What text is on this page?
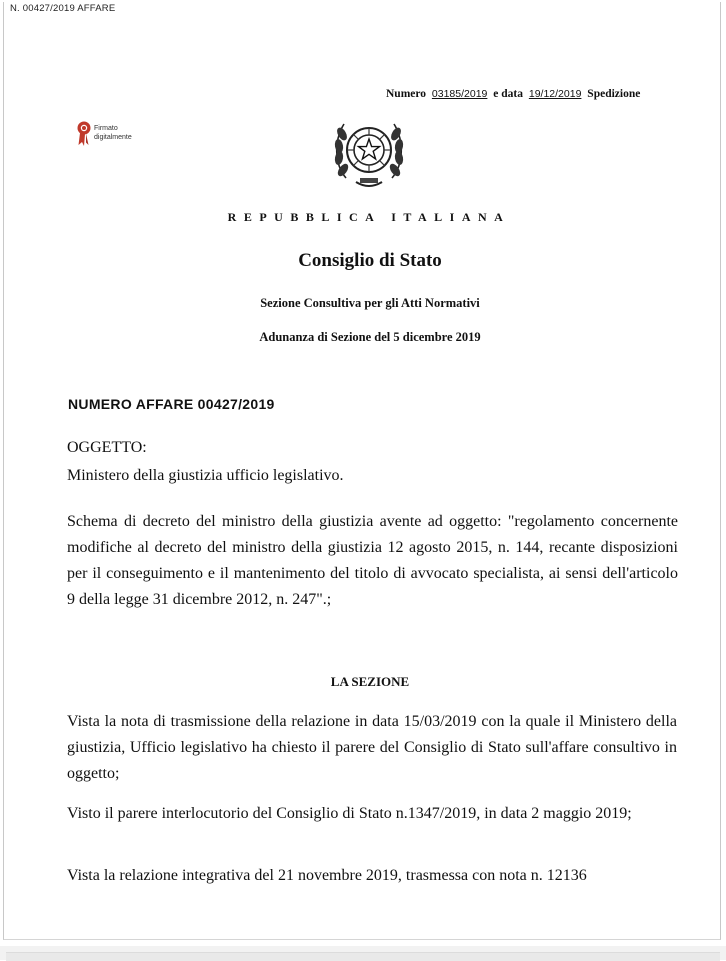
N. 00427/2019 AFFARE
Numero 03185/2019 e data 19/12/2019 Spedizione
Firmato
digitalmente
REPUBBLICA ITALIANA
Consiglio di Stato
Sezione Consultiva per gli Atti Normativi
Adunanza di Sezione del 5 dicembre 2019
NUMERO AFFARE 00427/2019
OGGETTO:
Ministero della giustizia ufficio legislativo.
Schema di decreto del ministro della giustizia avente ad oggetto: "regolamento concernente modifiche al decreto del ministro della giustizia 12 agosto 2015, n. 144, recante disposizioni per il conseguimento e il mantenimento del titolo di avvocato specialista, ai sensi dell'articolo 9 della legge 31 dicembre 2012, n. 247".;
LA SEZIONE
Vista la nota di trasmissione della relazione in data 15/03/2019 con la quale il Ministero della giustizia, Ufficio legislativo ha chiesto il parere del Consiglio di Stato sull'affare consultivo in oggetto;
Visto il parere interlocutorio del Consiglio di Stato n.1347/2019, in data 2 maggio 2019;
Vista la relazione integrativa del 21 novembre 2019, trasmessa con nota n. 12136
